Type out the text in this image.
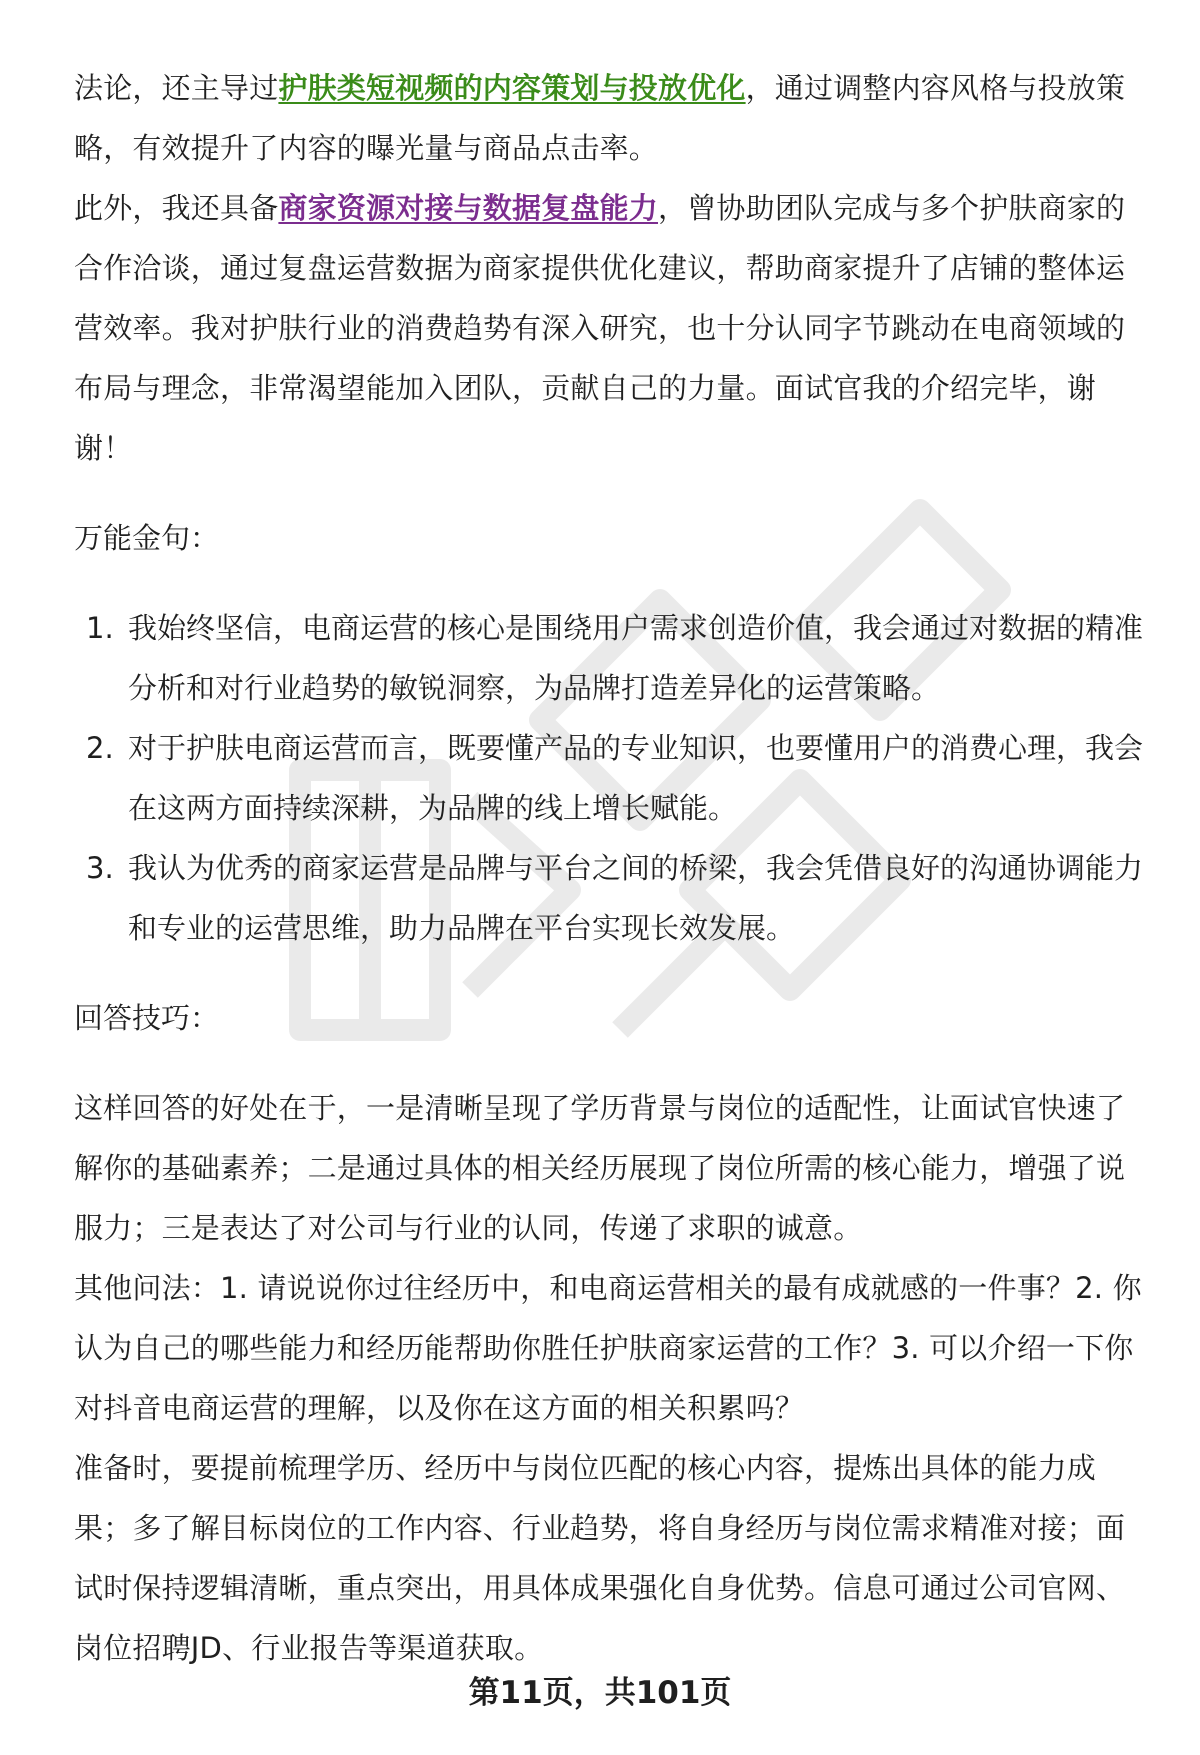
法论，还主导过护肤类短视频的内容策划与投放优化，通过调整内容风格与投放策略，有效提升了内容的曝光量与商品点击率。

此外，我还具备商家资源对接与数据复盘能力，曾协助团队完成与多个护肤商家的合作洽谈，通过复盘运营数据为商家提供优化建议，帮助商家提升了店铺的整体运营效率。我对护肤行业的消费趋势有深入研究，也十分认同字节跳动在电商领域的布局与理念，非常渴望能加入团队，贡献自己的力量。面试官我的介绍完毕，谢谢！

万能金句：

1. 我始终坚信，电商运营的核心是围绕用户需求创造价值，我会通过对数据的精准分析和对行业趋势的敏锐洞察，为品牌打造差异化的运营策略。
2. 对于护肤电商运营而言，既要懂产品的专业知识，也要懂用户的消费心理，我会在这两方面持续深耕，为品牌的线上增长赋能。
3. 我认为优秀的商家运营是品牌与平台之间的桥梁，我会凭借良好的沟通协调能力和专业的运营思维，助力品牌在平台实现长效发展。

回答技巧：

这样回答的好处在于，一是清晰呈现了学历背景与岗位的适配性，让面试官快速了解你的基础素养；二是通过具体的相关经历展现了岗位所需的核心能力，增强了说服力；三是表达了对公司与行业的认同，传递了求职的诚意。

其他问法：1. 请说说你过往经历中，和电商运营相关的最有成就感的一件事？2. 你认为自己的哪些能力和经历能帮助你胜任护肤商家运营的工作？3. 可以介绍一下你对抖音电商运营的理解，以及你在这方面的相关积累吗？

准备时，要提前梳理学历、经历中与岗位匹配的核心内容，提炼出具体的能力成果；多了解目标岗位的工作内容、行业趋势，将自身经历与岗位需求精准对接；面试时保持逻辑清晰，重点突出，用具体成果强化自身优势。信息可通过公司官网、岗位招聘JD、行业报告等渠道获取。

第11页，共101页
